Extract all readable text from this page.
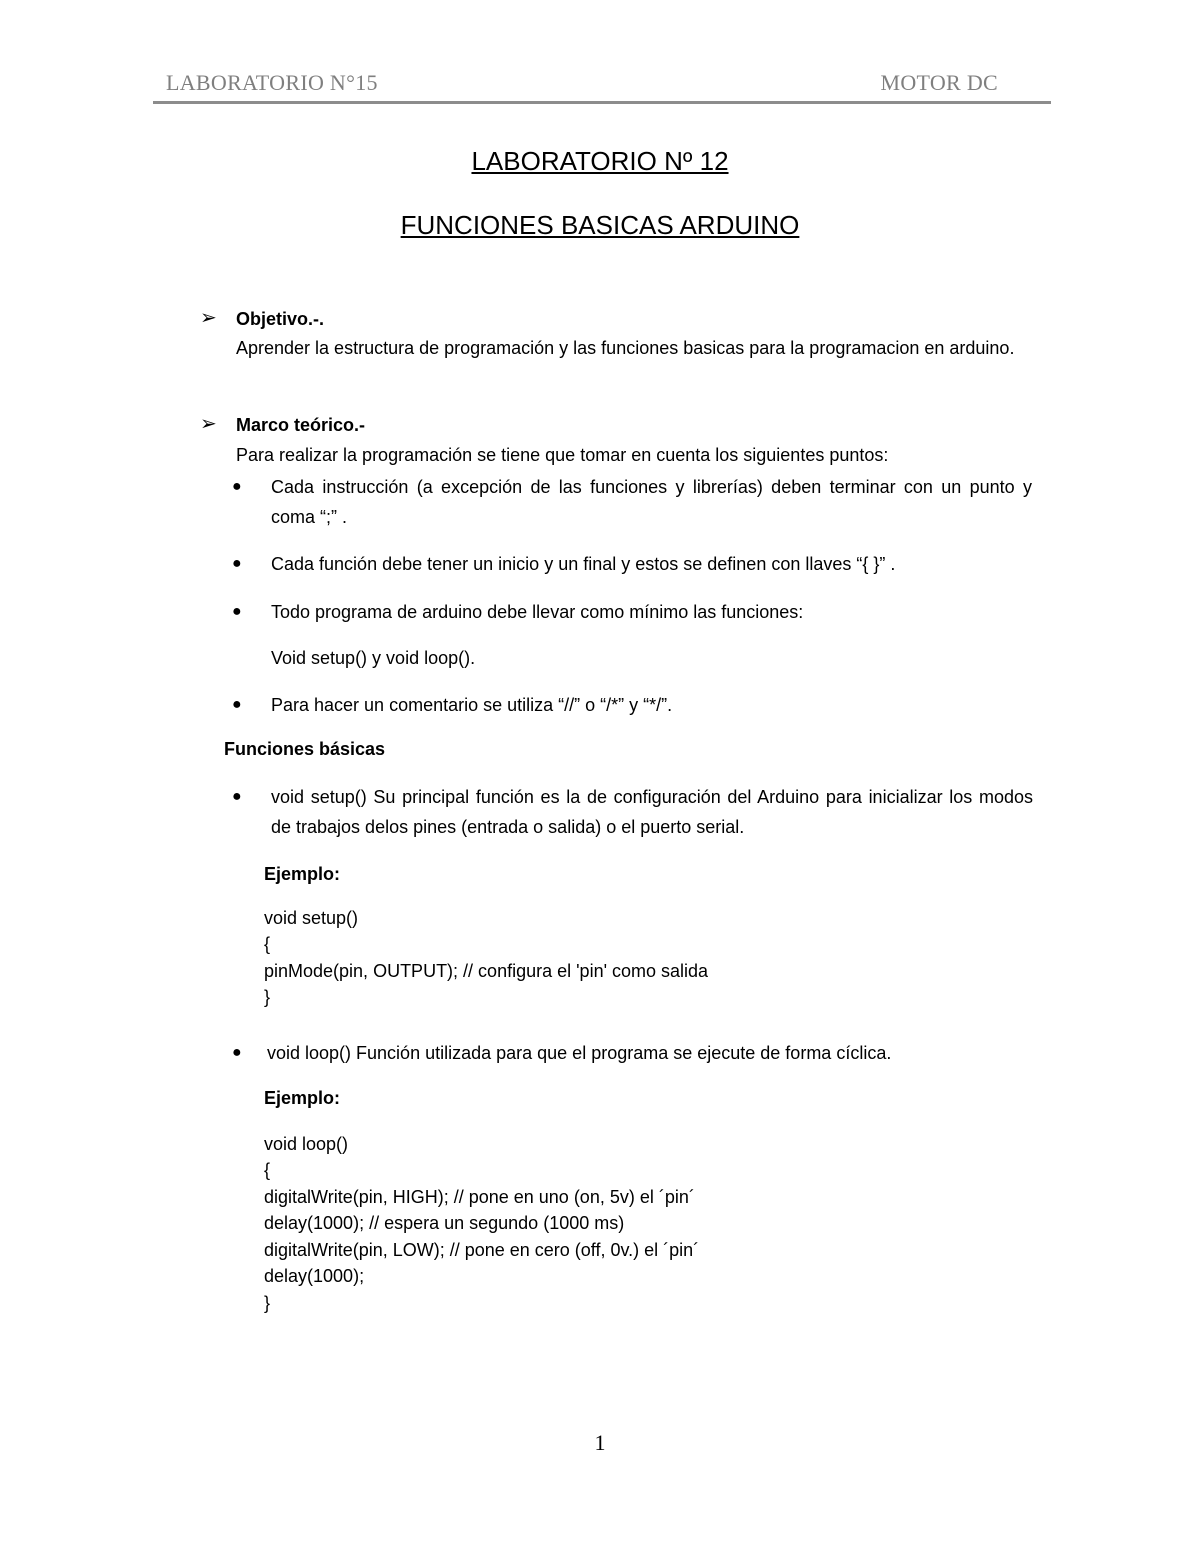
LABORATORIO N°15	MOTOR DC
LABORATORIO Nº 12
FUNCIONES BASICAS ARDUINO
➢ Objetivo.-.
Aprender la estructura de programación y las funciones basicas para la programacion en arduino.
➢ Marco teórico.-
Para realizar la programación se tiene que tomar en cuenta los siguientes puntos:
● Cada instrucción (a excepción de las funciones y librerías) deben terminar con un punto y coma “;” .
● Cada función debe tener un inicio y un final y estos se definen con llaves “{ }” .
● Todo programa de arduino debe llevar como mínimo las funciones:
Void setup() y void loop().
● Para hacer un comentario se utiliza “//” o “/*” y “*/”.
Funciones básicas
● void setup() Su principal función es la de configuración del Arduino para inicializar los modos de trabajos delos pines (entrada o salida) o el puerto serial.
Ejemplo:
void setup()
{
pinMode(pin, OUTPUT); // configura el 'pin' como salida
}
● void loop() Función utilizada para que el programa se ejecute de forma cíclica.
Ejemplo:
void loop()
{
digitalWrite(pin, HIGH); // pone en uno (on, 5v) el ´pin´
delay(1000); // espera un segundo (1000 ms)
digitalWrite(pin, LOW); // pone en cero (off, 0v.) el ´pin´
delay(1000);
}
1
